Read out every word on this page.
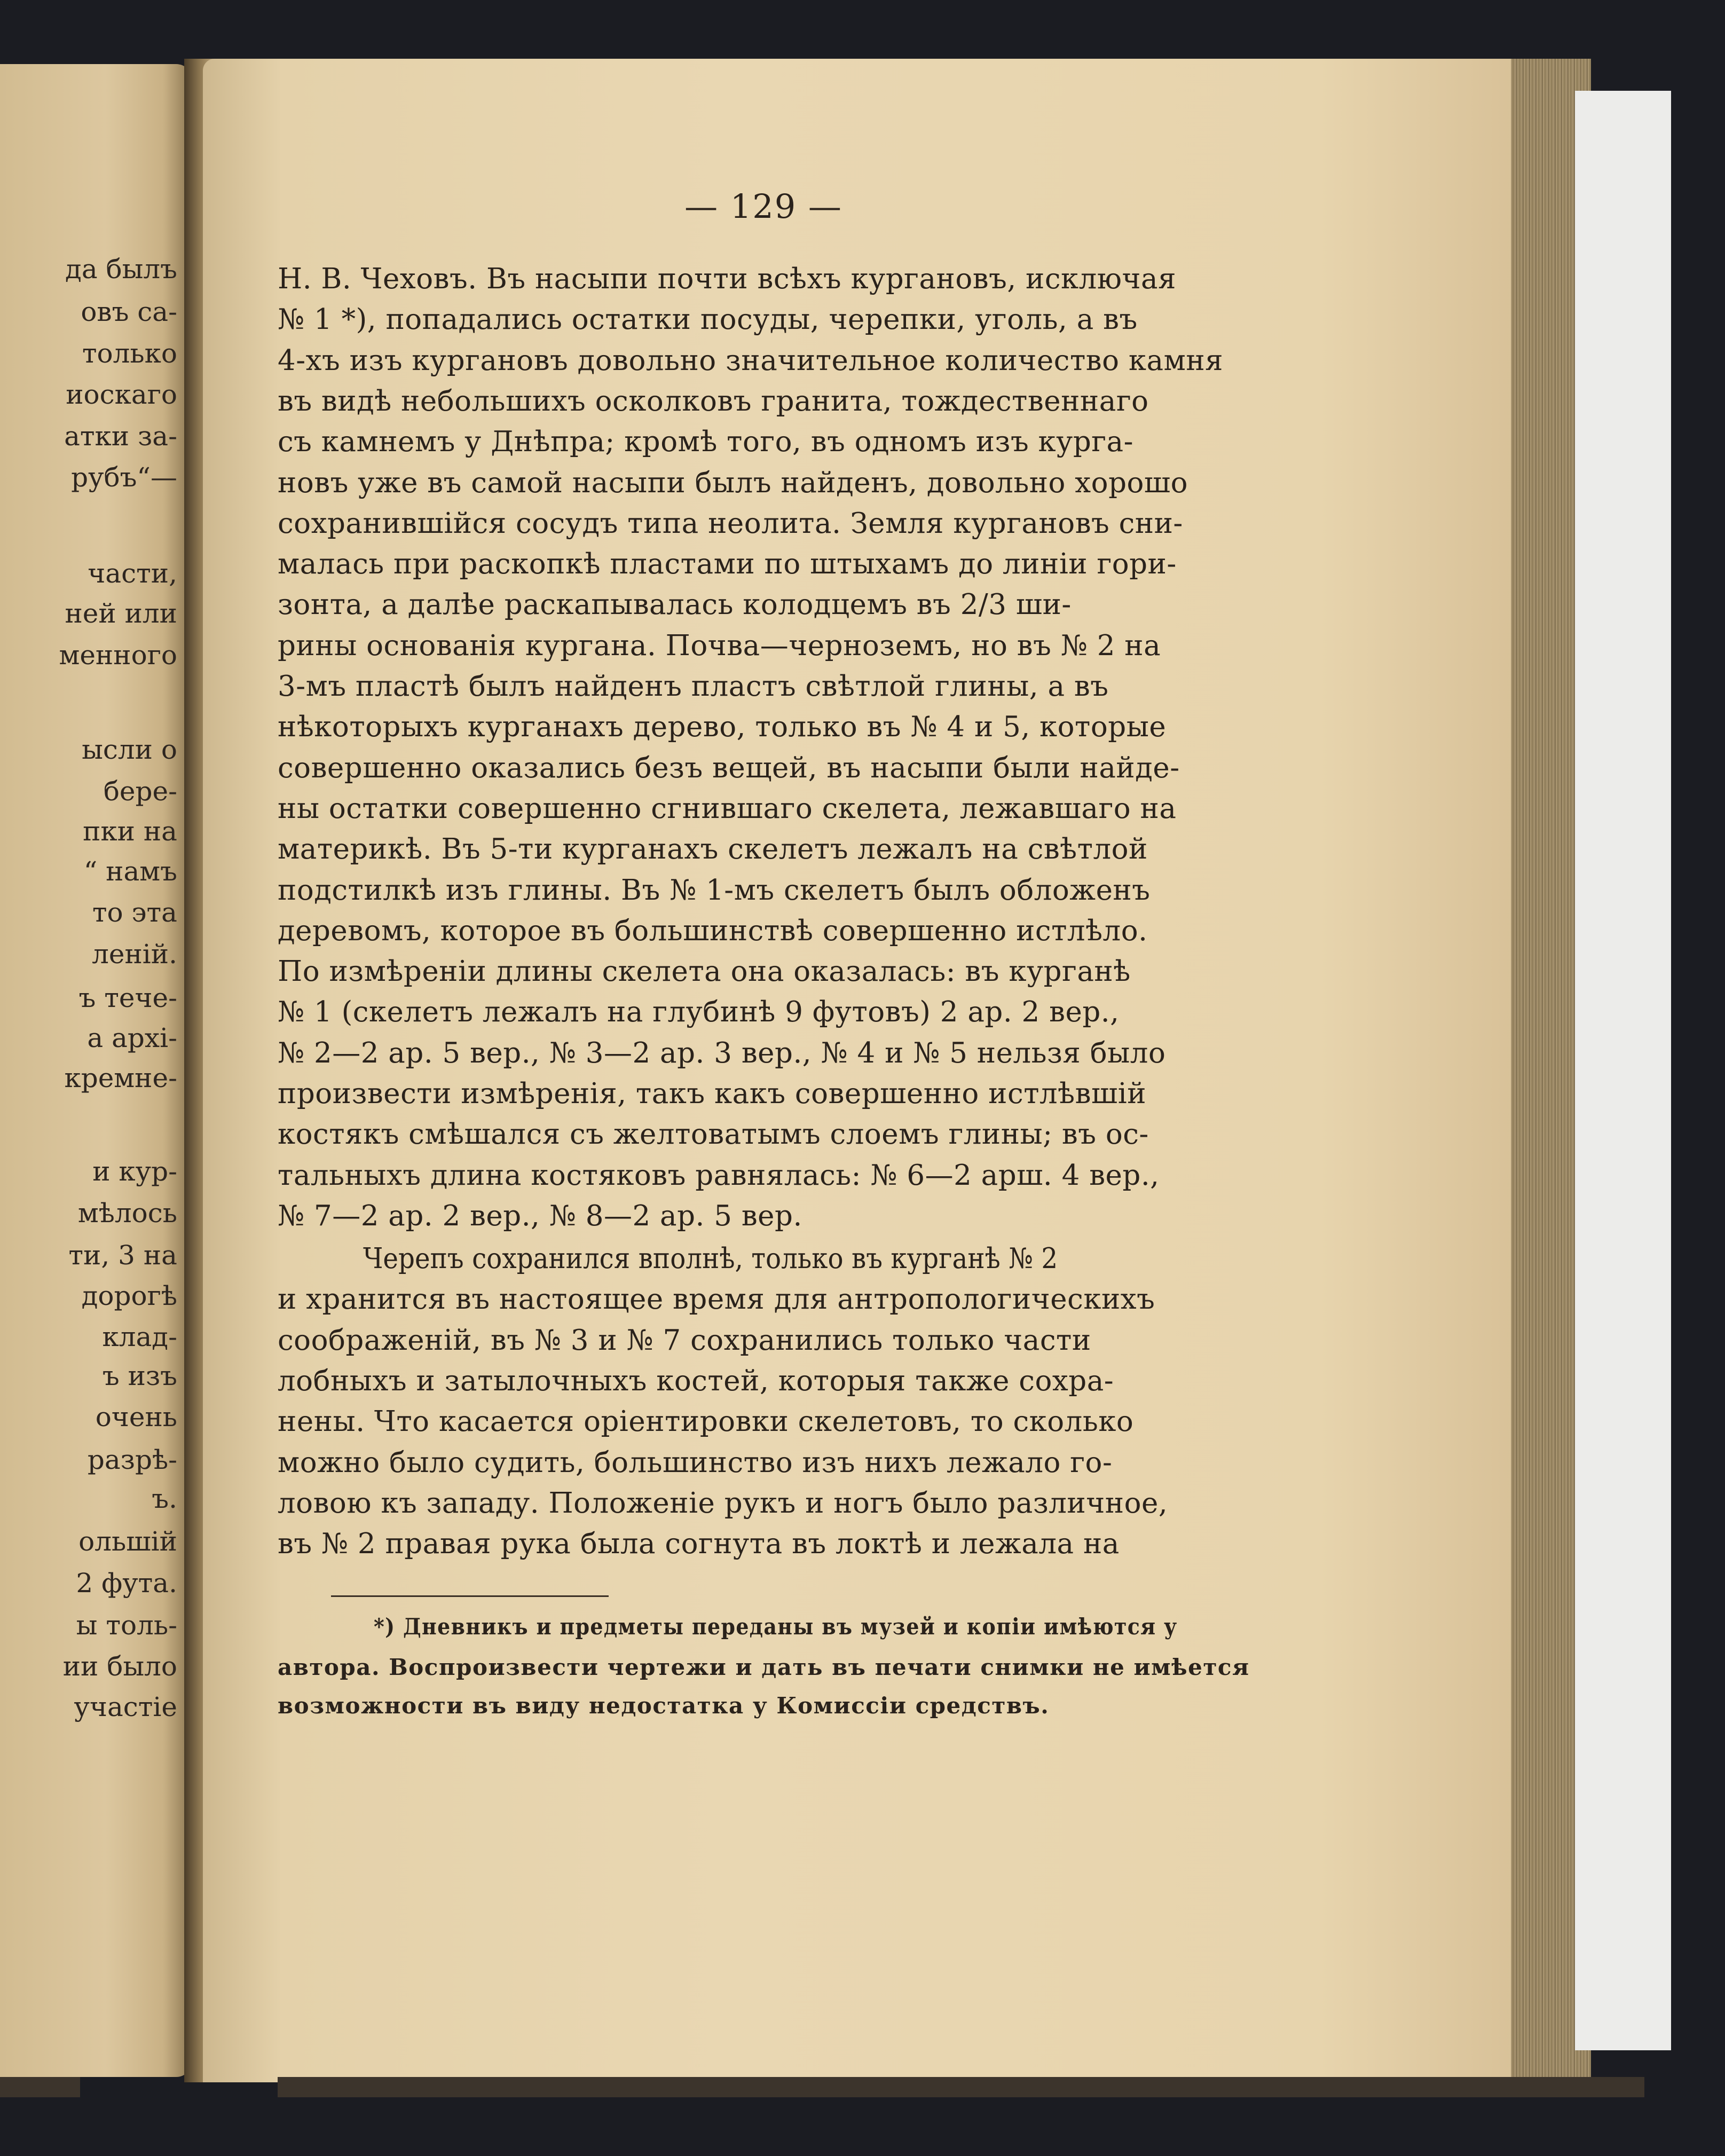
да былъ
овъ са-
только
иоскаго
атки за-
рубъ“—
части,
ней или
менного
ысли о
бере-
пки на
“ намъ
то эта
ленiй.
ъ тече-
а архi-
кремне-
и кур-
мѣлось
ти, 3 на
дорогѣ
клад-
ъ изъ
очень
разрѣ-
ъ.
ольшiй
2 фута.
ы толь-
ии было
участiе
— 129 —
Н. В. Чеховъ. Въ насыпи почти всѣхъ кургановъ, исключая
№ 1 *), попадались остатки посуды, черепки, уголь, а въ
4-хъ изъ кургановъ довольно значительное количество камня
въ видѣ небольшихъ осколковъ гранита, тождественнаго
съ камнемъ у Днѣпра; кромѣ того, въ одномъ изъ курга-
новъ уже въ самой насыпи былъ найденъ, довольно хорошо
сохранившiйся сосудъ типа неолита. Земля кургановъ сни-
малась при раскопкѣ пластами по штыхамъ до линiи гори-
зонта, а далѣе раскапывалась колодцемъ въ 2/3 ши-
рины основанiя кургана. Почва—черноземъ, но въ № 2 на
3-мъ пластѣ былъ найденъ пластъ свѣтлой глины, а въ
нѣкоторыхъ курганахъ дерево, только въ № 4 и 5, которые
совершенно оказались безъ вещей, въ насыпи были найде-
ны остатки совершенно сгнившаго скелета, лежавшаго на
материкѣ. Въ 5-ти курганахъ скелетъ лежалъ на свѣтлой
подстилкѣ изъ глины. Въ № 1-мъ скелетъ былъ обложенъ
деревомъ, которое въ большинствѣ совершенно истлѣло.
По измѣренiи длины скелета она оказалась: въ курганѣ
№ 1 (скелетъ лежалъ на глубинѣ 9 футовъ) 2 ар. 2 вер.,
№ 2—2 ар. 5 вер., № 3—2 ар. 3 вер., № 4 и № 5 нельзя было
произвести измѣренiя, такъ какъ совершенно истлѣвшiй
костякъ смѣшался съ желтоватымъ слоемъ глины; въ ос-
тальныхъ длина костяковъ равнялась: № 6—2 арш. 4 вер.,
№ 7—2 ар. 2 вер., № 8—2 ар. 5 вер.
Черепъ сохранился вполнѣ, только въ курганѣ № 2
и хранится въ настоящее время для антропологическихъ
соображенiй, въ № 3 и № 7 сохранились только части
лобныхъ и затылочныхъ костей, которыя также сохра-
нены. Что касается орiентировки скелетовъ, то сколько
можно было судить, большинство изъ нихъ лежало го-
ловою къ западу. Положенiе рукъ и ногъ было различное,
въ № 2 правая рука была согнута въ локтѣ и лежала на
*) Дневникъ и предметы переданы въ музей и копiи имѣются у
автора. Воспроизвести чертежи и дать въ печати снимки не имѣется
возможности въ виду недостатка у Комиссiи средствъ.
